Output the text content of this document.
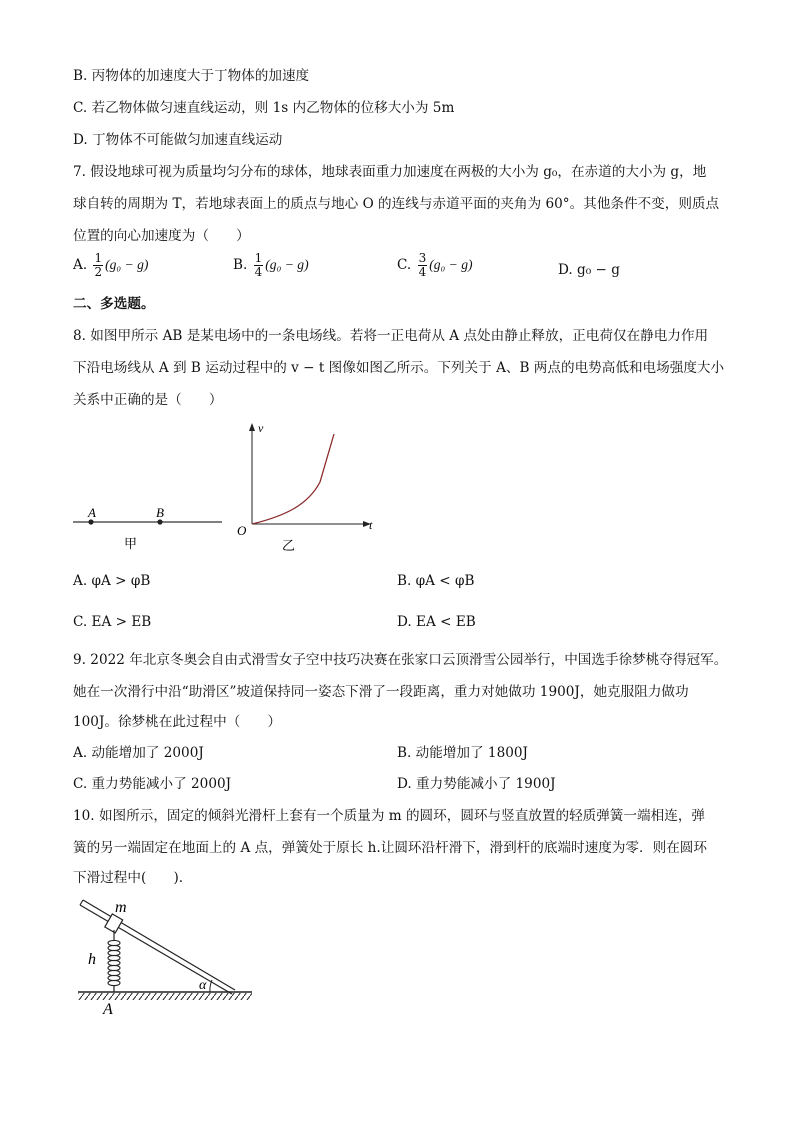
B. 丙物体的加速度大于丁物体的加速度
C. 若乙物体做匀速直线运动，则 1s 内乙物体的位移大小为 5m
D. 丁物体不可能做匀加速直线运动
7. 假设地球可视为质量均匀分布的球体，地球表面重力加速度在两极的大小为 g₀，在赤道的大小为 g，地
球自转的周期为 T，若地球表面上的质点与地心 O 的连线与赤道平面的夹角为 60°。其他条件不变，则质点
位置的向心加速度为（　　）
A. $\frac{1}{2} (g_0 - g)$	B. $\frac{1}{4} (g_0 - g)$	C. $\frac{3}{4} (g_0 - g)$	D. g₀ − g
二、多选题。
8. 如图甲所示 AB 是某电场中的一条电场线。若将一正电荷从 A 点处由静止释放，正电荷仅在静电力作用
下沿电场线从 A 到 B 运动过程中的 v − t 图像如图乙所示。下列关于 A、B 两点的电势高低和电场强度大小
关系中正确的是（　　）
A	B
甲
v
t
O
乙
A. φA > φB	B. φA < φB
C. EA > EB	D. EA < EB
9. 2022 年北京冬奥会自由式滑雪女子空中技巧决赛在张家口云顶滑雪公园举行，中国选手徐梦桃夺得冠军。
她在一次滑行中沿“助滑区”坡道保持同一姿态下滑了一段距离，重力对她做功 1900J，她克服阻力做功
100J。徐梦桃在此过程中（　　）
A. 动能增加了 2000J	B. 动能增加了 1800J
C. 重力势能减小了 2000J	D. 重力势能减小了 1900J
10. 如图所示，固定的倾斜光滑杆上套有一个质量为 m 的圆环，圆环与竖直放置的轻质弹簧一端相连，弹
簧的另一端固定在地面上的 A 点，弹簧处于原长 h.让圆环沿杆滑下，滑到杆的底端时速度为零．则在圆环
下滑过程中(　　).
m
h
α
A
